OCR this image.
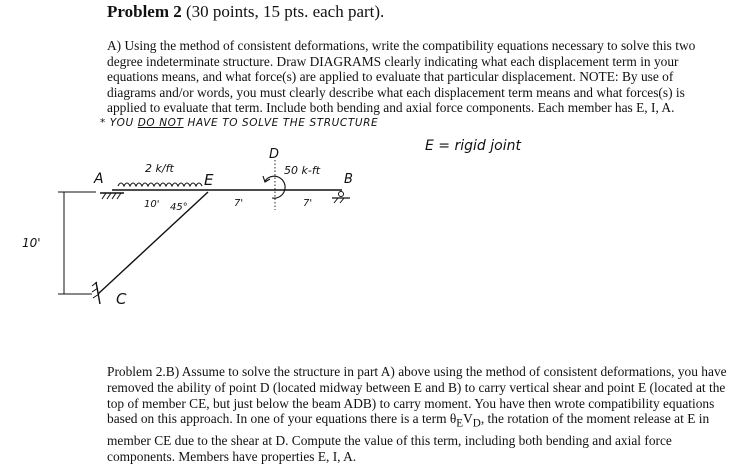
Problem 2 (30 points, 15 pts. each part).
A) Using the method of consistent deformations, write the compatibility equations necessary to solve this two degree indeterminate structure. Draw DIAGRAMS clearly indicating what each displacement term in your equations means, and what force(s) are applied to evaluate that particular displacement. NOTE: By use of diagrams and/or words, you must clearly describe what each displacement term means and what forces(s) is applied to evaluate that term. Include both bending and axial force components. Each member has E, I, A.
* YOU DO NOT HAVE TO SOLVE THE STRUCTURE
E = rigid joint
A	B
C
D
E
2 k/ft	50 k-ft
10' 45°	7'	7'
10'
Problem 2.B) Assume to solve the structure in part A) above using the method of consistent deformations, you have removed the ability of point D (located midway between E and B) to carry vertical shear and point E (located at the top of member CE, but just below the beam ADB) to carry moment. You have then wrote compatibility equations based on this approach. In one of your equations there is a term $\theta_EV_D$, the rotation of the moment release at E in member CE due to the shear at D. Compute the value of this term, including both bending and axial force components. Members have properties E, I, A.
